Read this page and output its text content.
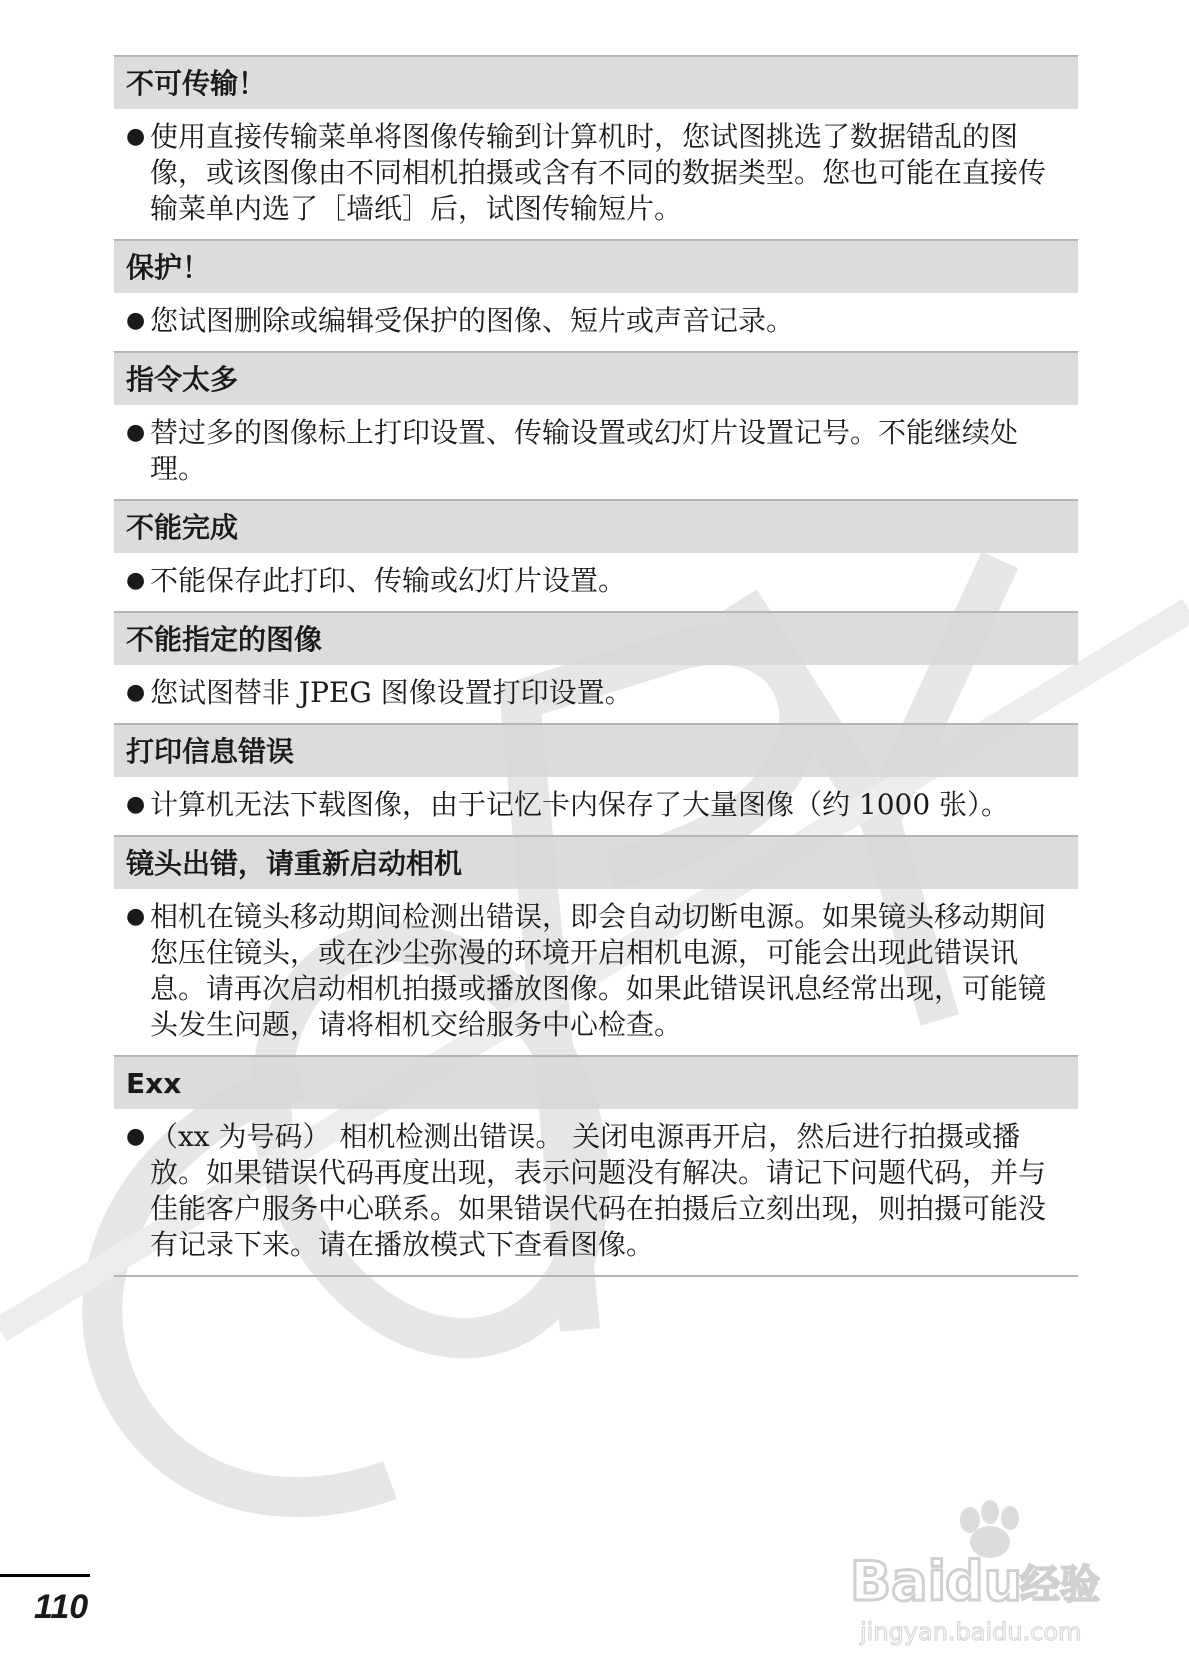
不可传输！
● 使用直接传输菜单将图像传输到计算机时，您试图挑选了数据错乱的图像，或该图像由不同相机拍摄或含有不同的数据类型。您也可能在直接传输菜单内选了［墙纸］后，试图传输短片。
保护！
● 您试图删除或编辑受保护的图像、短片或声音记录。
指令太多
● 替过多的图像标上打印设置、传输设置或幻灯片设置记号。不能继续处理。
不能完成
● 不能保存此打印、传输或幻灯片设置。
不能指定的图像
● 您试图替非 JPEG 图像设置打印设置。
打印信息错误
● 计算机无法下载图像，由于记忆卡内保存了大量图像（约 1000 张）。
镜头出错，请重新启动相机
● 相机在镜头移动期间检测出错误，即会自动切断电源。如果镜头移动期间您压住镜头，或在沙尘弥漫的环境开启相机电源，可能会出现此错误讯息。请再次启动相机拍摄或播放图像。如果此错误讯息经常出现，可能镜头发生问题，请将相机交给服务中心检查。
Exx
● （xx 为号码） 相机检测出错误。 关闭电源再开启，然后进行拍摄或播放。如果错误代码再度出现，表示问题没有解决。请记下问题代码，并与佳能客户服务中心联系。如果错误代码在拍摄后立刻出现，则拍摄可能没有记录下来。请在播放模式下查看图像。
110	Bai
du
经验
jingyan.baidu.com
